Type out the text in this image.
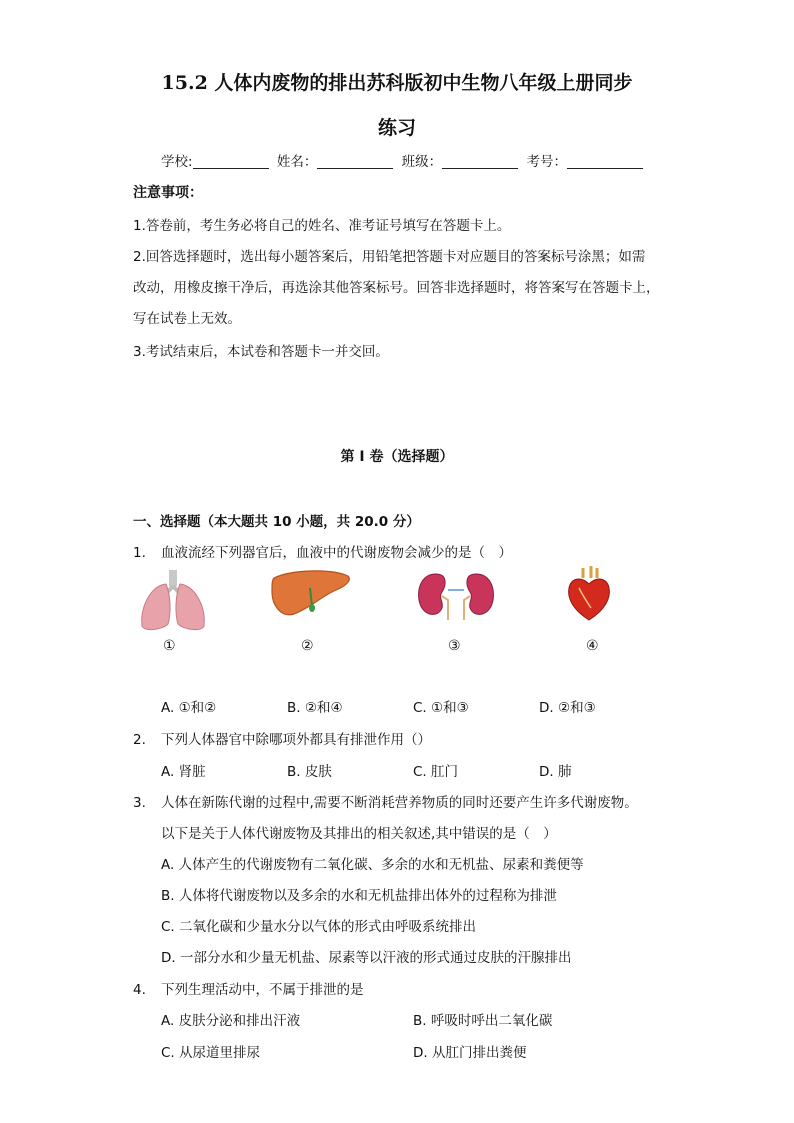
15.2 人体内废物的排出苏科版初中生物八年级上册同步
练习
学校:	姓名：	班级：	考号：
注意事项：
1.答卷前，考生务必将自己的姓名、准考证号填写在答题卡上。
2.回答选择题时，选出每小题答案后，用铅笔把答题卡对应题目的答案标号涂黑；如需
改动，用橡皮擦干净后，再选涂其他答案标号。回答非选择题时，将答案写在答题卡上，
写在试卷上无效。
3.考试结束后，本试卷和答题卡一并交回。
第 I 卷（选择题）
一、选择题（本大题共 10 小题，共 20.0 分）
1. 血液流经下列器官后，血液中的代谢废物会减少的是（　）
①	②	③	④
A. ①和②	B. ②和④	C. ①和③	D. ②和③
2. 下列人体器官中除哪项外都具有排泄作用（）
A. 肾脏	B. 皮肤	C. 肛门	D. 肺
3. 人体在新陈代谢的过程中,需要不断消耗营养物质的同时还要产生许多代谢废物。
以下是关于人体代谢废物及其排出的相关叙述,其中错误的是（　）
A. 人体产生的代谢废物有二氧化碳、多余的水和无机盐、尿素和粪便等
B. 人体将代谢废物以及多余的水和无机盐排出体外的过程称为排泄
C. 二氧化碳和少量水分以气体的形式由呼吸系统排出
D. 一部分水和少量无机盐、尿素等以汗液的形式通过皮肤的汗腺排出
4. 下列生理活动中，不属于排泄的是
A. 皮肤分泌和排出汗液	B. 呼吸时呼出二氧化碳
C. 从尿道里排尿	D. 从肛门排出粪便
